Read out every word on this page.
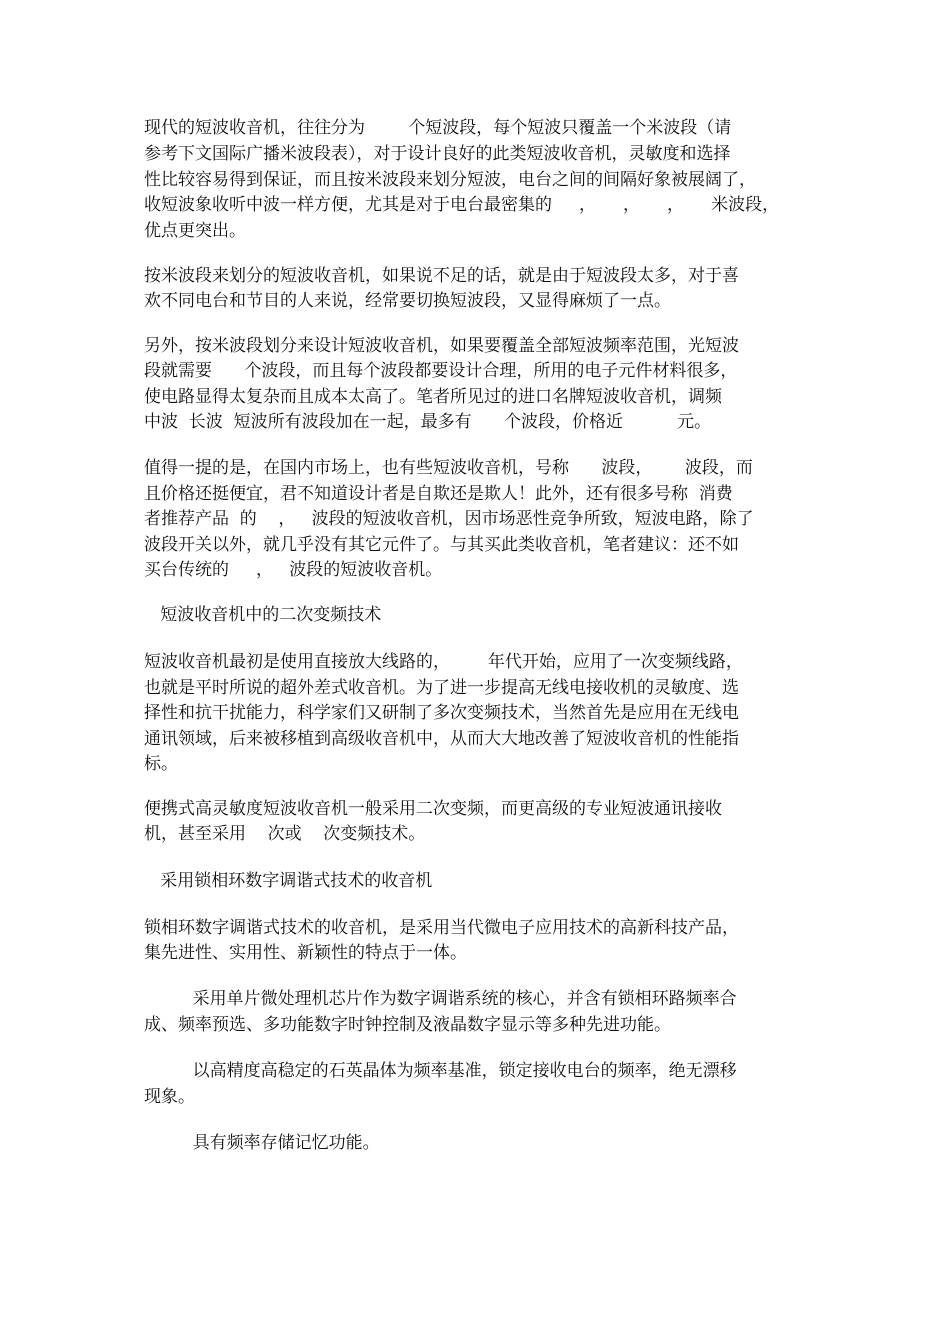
现代的短波收音机，往往分为        个短波段，每个短波只覆盖一个米波段（请
参考下文国际广播米波段表），对于设计良好的此类短波收音机，灵敏度和选择
性比较容易得到保证，而且按米波段来划分短波，电台之间的间隔好象被展阔了，
收短波象收听中波一样方便，尤其是对于电台最密集的     ，     ，     ，     米波段，
优点更突出。
按米波段来划分的短波收音机，如果说不足的话，就是由于短波段太多，对于喜
欢不同电台和节目的人来说，经常要切换短波段，又显得麻烦了一点。
另外，按米波段划分来设计短波收音机，如果要覆盖全部短波频率范围，光短波
段就需要      个波段，而且每个波段都要设计合理，所用的电子元件材料很多，
使电路显得太复杂而且成本太高了。笔者所见过的进口名牌短波收音机，调频
中波  长波  短波所有波段加在一起，最多有      个波段，价格近          元。
值得一提的是，在国内市场上，也有些短波收音机，号称      波段，      波段，而
且价格还挺便宜，君不知道设计者是自欺还是欺人！此外，还有很多号称  消费
者推荐产品  的    ，   波段的短波收音机，因市场恶性竞争所致，短波电路，除了
波段开关以外，就几乎没有其它元件了。与其买此类收音机，笔者建议：还不如
买台传统的     ，   波段的短波收音机。
短波收音机中的二次变频技术
短波收音机最初是使用直接放大线路的，       年代开始，应用了一次变频线路，
也就是平时所说的超外差式收音机。为了进一步提高无线电接收机的灵敏度、选
择性和抗干扰能力，科学家们又研制了多次变频技术，当然首先是应用在无线电
通讯领域，后来被移植到高级收音机中，从而大大地改善了短波收音机的性能指
标。
便携式高灵敏度短波收音机一般采用二次变频，而更高级的专业短波通讯接收
机，甚至采用    次或    次变频技术。
采用锁相环数字调谐式技术的收音机
锁相环数字调谐式技术的收音机，是采用当代微电子应用技术的高新科技产品，
集先进性、实用性、新颖性的特点于一体。
采用单片微处理机芯片作为数字调谐系统的核心，并含有锁相环路频率合
成、频率预选、多功能数字时钟控制及液晶数字显示等多种先进功能。
以高精度高稳定的石英晶体为频率基准，锁定接收电台的频率，绝无漂移
现象。
具有频率存储记忆功能。
